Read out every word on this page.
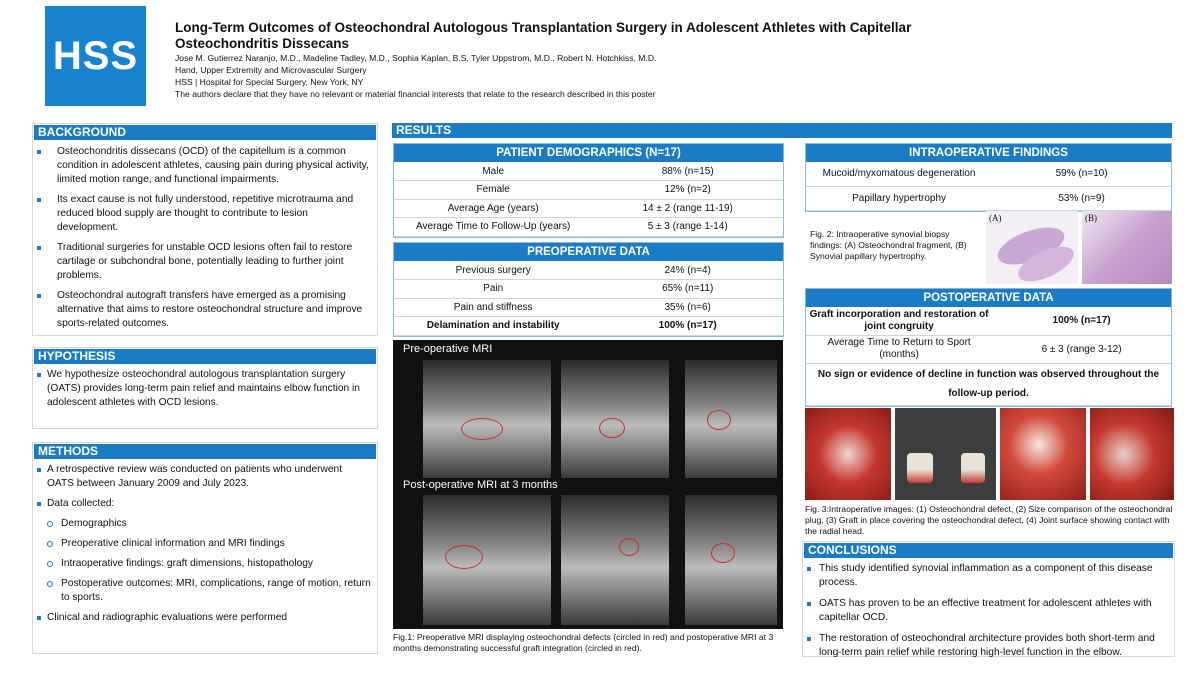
HSS
Long-Term Outcomes of Osteochondral Autologous Transplantation Surgery in Adolescent Athletes with Capitellar
Osteochondritis Dissecans
Jose M. Gutierrez Naranjo, M.D., Madeline Tadley, M.D., Sophia Kaplan, B.S, Tyler Uppstrom, M.D., Robert N. Hotchkiss, M.D.
Hand, Upper Extremity and Microvascular Surgery
HSS | Hospital for Special Surgery, New York, NY
The authors declare that they have no relevant or material financial interests that relate to the research described in this poster
BACKGROUND
Osteochondritis dissecans (OCD) of the capitellum is a common condition in adolescent athletes, causing pain during physical activity, limited motion range, and functional impairments.
Its exact cause is not fully understood, repetitive microtrauma and reduced blood supply are thought to contribute to lesion development.
Traditional surgeries for unstable OCD lesions often fail to restore cartilage or subchondral bone, potentially leading to further joint problems.
Osteochondral autograft transfers have emerged as a promising alternative that aims to restore osteochondral structure and improve sports-related outcomes.
HYPOTHESIS
We hypothesize osteochondral autologous transplantation surgery (OATS) provides long-term pain relief and maintains elbow function in adolescent athletes with OCD lesions.
METHODS
A retrospective review was conducted on patients who underwent OATS between January 2009 and July 2023.
Data collected:
Demographics
Preoperative clinical information and MRI findings
Intraoperative findings: graft dimensions, histopathology
Postoperative outcomes: MRI, complications, range of motion, return to sports.
Clinical and radiographic evaluations were performed
RESULTS
PATIENT DEMOGRAPHICS (N=17)
Male	88% (n=15)
Female	12% (n=2)
Average Age (years)	14 ± 2 (range 11-19)
Average Time to Follow-Up (years)	5 ± 3 (range 1-14)
PREOPERATIVE DATA
Previous surgery	24% (n=4)
Pain	65% (n=11)
Pain and stiffness	35% (n=6)
Delamination and instability	100% (n=17)
Pre-operative MRI
Post-operative MRI at 3 months
Fig.1: Preoperative MRI displaying osteochondral defects (circled in red) and postoperative MRI at 3 months demonstrating successful graft integration (circled in red).
INTRAOPERATIVE FINDINGS
Mucoid/myxomatous degeneration	59% (n=10)
Papillary hypertrophy	53% (n=9)
Fig. 2: Intraoperative synovial biopsy findings: (A) Osteochondral fragment, (B) Synovial papillary hypertrophy.
(A)	(B)
POSTOPERATIVE DATA
Graft incorporation and restoration of joint congruity	100% (n=17)
Average Time to Return to Sport (months)	6 ± 3 (range 3-12)
No sign or evidence of decline in function was observed throughout the follow-up period.	
Fig. 3:Intraoperative images: (1) Osteochondral defect, (2) Size comparison of the osteochondral plug, (3) Graft in place covering the osteochondral defect, (4) Joint surface showing contact with the radial head.
CONCLUSIONS
This study identified synovial inflammation as a component of this disease process.
OATS has proven to be an effective treatment for adolescent athletes with capitellar OCD.
The restoration of osteochondral architecture provides both short-term and long-term pain relief while restoring high-level function in the elbow.
